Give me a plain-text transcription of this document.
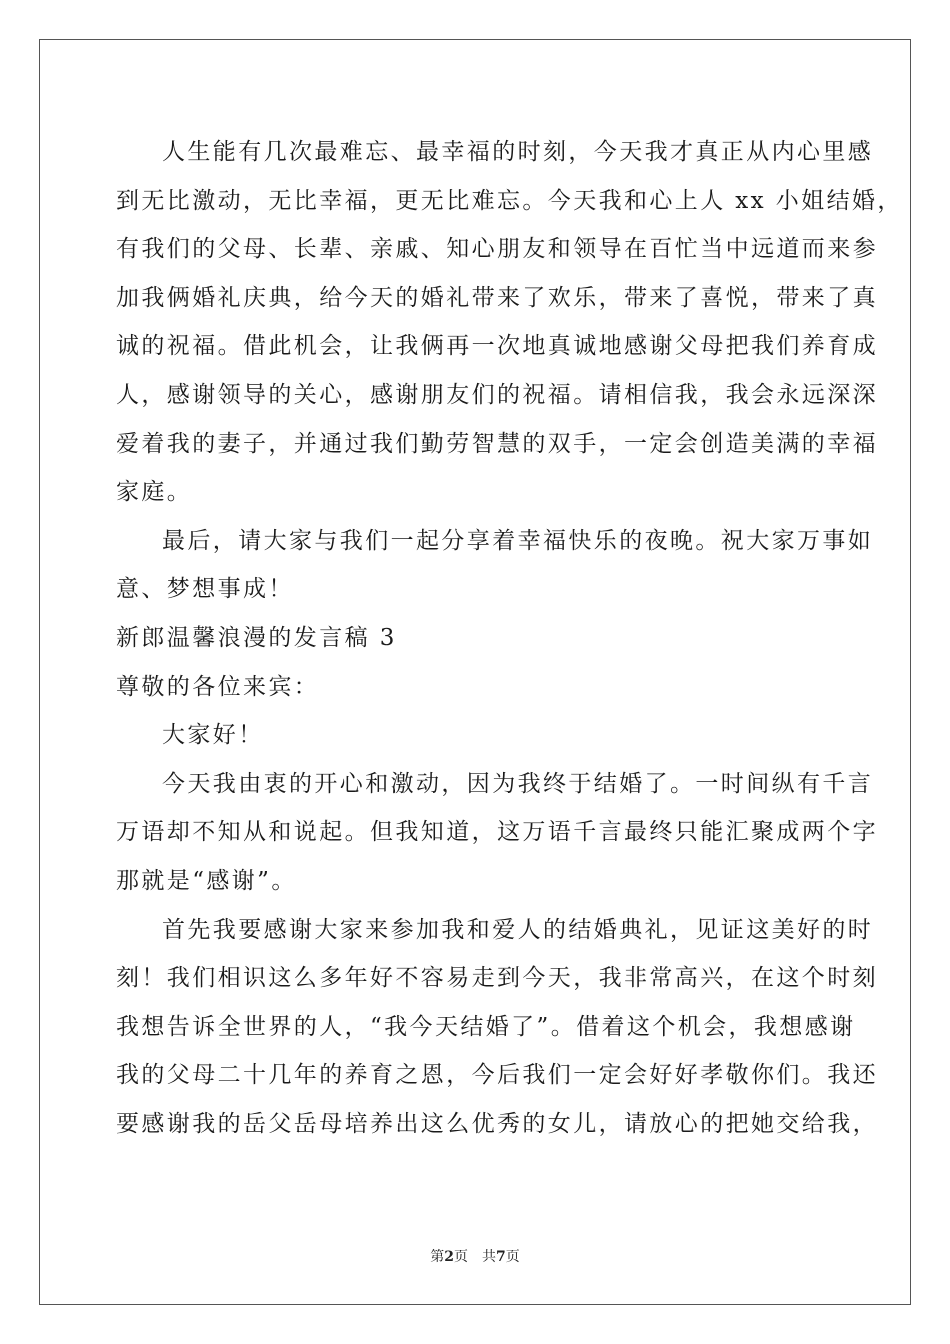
人生能有几次最难忘、最幸福的时刻，今天我才真正从内心里感
到无比激动，无比幸福，更无比难忘。今天我和心上人 xx 小姐结婚，
有我们的父母、长辈、亲戚、知心朋友和领导在百忙当中远道而来参
加我俩婚礼庆典，给今天的婚礼带来了欢乐，带来了喜悦，带来了真
诚的祝福。借此机会，让我俩再一次地真诚地感谢父母把我们养育成
人，感谢领导的关心，感谢朋友们的祝福。请相信我，我会永远深深
爱着我的妻子，并通过我们勤劳智慧的双手，一定会创造美满的幸福
家庭。
最后，请大家与我们一起分享着幸福快乐的夜晚。祝大家万事如
意、梦想事成！
新郎温馨浪漫的发言稿 3
尊敬的各位来宾：
大家好！
今天我由衷的开心和激动，因为我终于结婚了。一时间纵有千言
万语却不知从和说起。但我知道，这万语千言最终只能汇聚成两个字
那就是“感谢”。
首先我要感谢大家来参加我和爱人的结婚典礼，见证这美好的时
刻！我们相识这么多年好不容易走到今天，我非常高兴，在这个时刻
我想告诉全世界的人，“我今天结婚了”。借着这个机会，我想感谢
我的父母二十几年的养育之恩，今后我们一定会好好孝敬你们。我还
要感谢我的岳父岳母培养出这么优秀的女儿，请放心的把她交给我，
第2页 共7页
